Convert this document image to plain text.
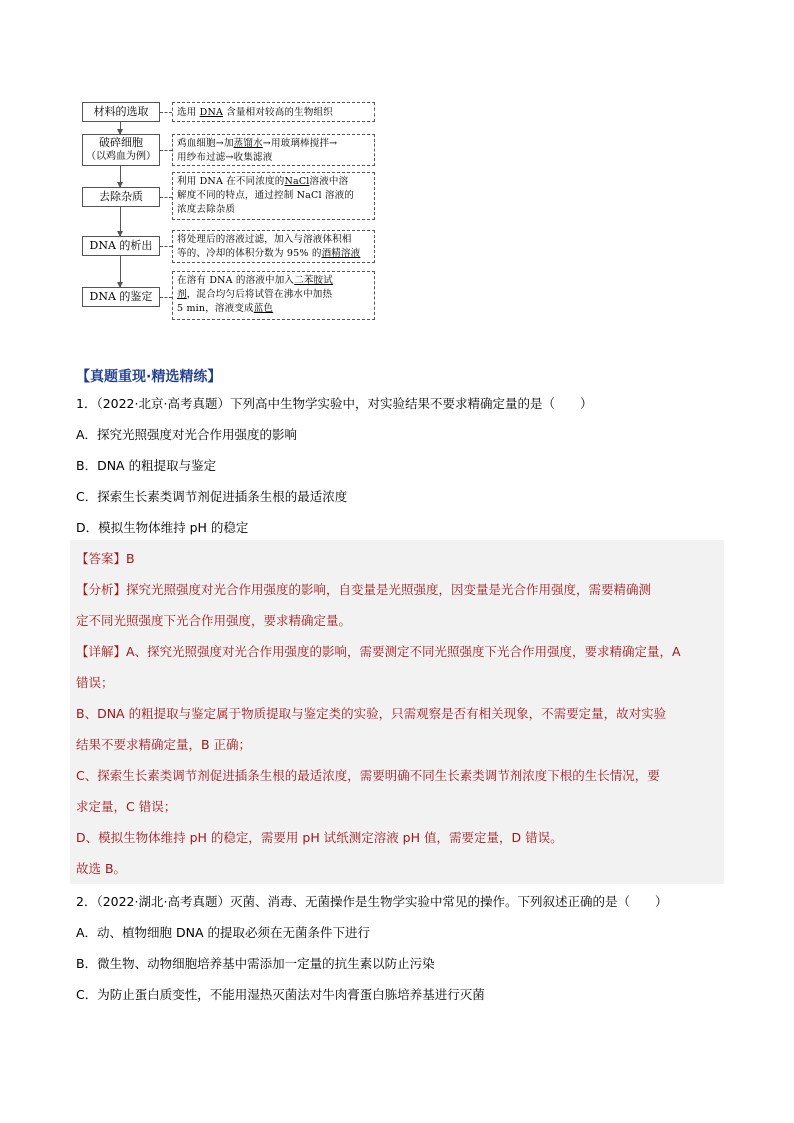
材料的选取
破碎细胞
（以鸡血为例）
去除杂质
DNA 的析出
DNA 的鉴定
选用 DNA 含量相对较高的生物组织
鸡血细胞→加蒸馏水→用玻璃棒搅拌→
用纱布过滤→收集滤液
利用 DNA 在不同浓度的NaCl溶液中溶
解度不同的特点，通过控制 NaCl 溶液的
浓度去除杂质
将处理后的溶液过滤，加入与溶液体积相
等的、冷却的体积分数为 95% 的酒精溶液
在溶有 DNA 的溶液中加入二苯胺试
剂，混合均匀后将试管在沸水中加热
5 min，溶液变成蓝色
【真题重现·精选精练】
1．（2022·北京·高考真题）下列高中生物学实验中，对实验结果不要求精确定量的是（　　）
A．探究光照强度对光合作用强度的影响
B．DNA 的粗提取与鉴定
C．探索生长素类调节剂促进插条生根的最适浓度
D．模拟生物体维持 pH 的稳定
【答案】B
【分析】探究光照强度对光合作用强度的影响，自变量是光照强度，因变量是光合作用强度，需要精确测
定不同光照强度下光合作用强度，要求精确定量。
【详解】A、探究光照强度对光合作用强度的影响，需要测定不同光照强度下光合作用强度，要求精确定量，A
错误；
B、DNA 的粗提取与鉴定属于物质提取与鉴定类的实验，只需观察是否有相关现象，不需要定量，故对实验
结果不要求精确定量，B 正确；
C、探索生长素类调节剂促进插条生根的最适浓度，需要明确不同生长素类调节剂浓度下根的生长情况，要
求定量，C 错误；
D、模拟生物体维持 pH 的稳定，需要用 pH 试纸测定溶液 pH 值，需要定量，D 错误。
故选 B。
2．（2022·湖北·高考真题）灭菌、消毒、无菌操作是生物学实验中常见的操作。下列叙述正确的是（　　）
A．动、植物细胞 DNA 的提取必须在无菌条件下进行
B．微生物、动物细胞培养基中需添加一定量的抗生素以防止污染
C．为防止蛋白质变性，不能用湿热灭菌法对牛肉膏蛋白胨培养基进行灭菌
